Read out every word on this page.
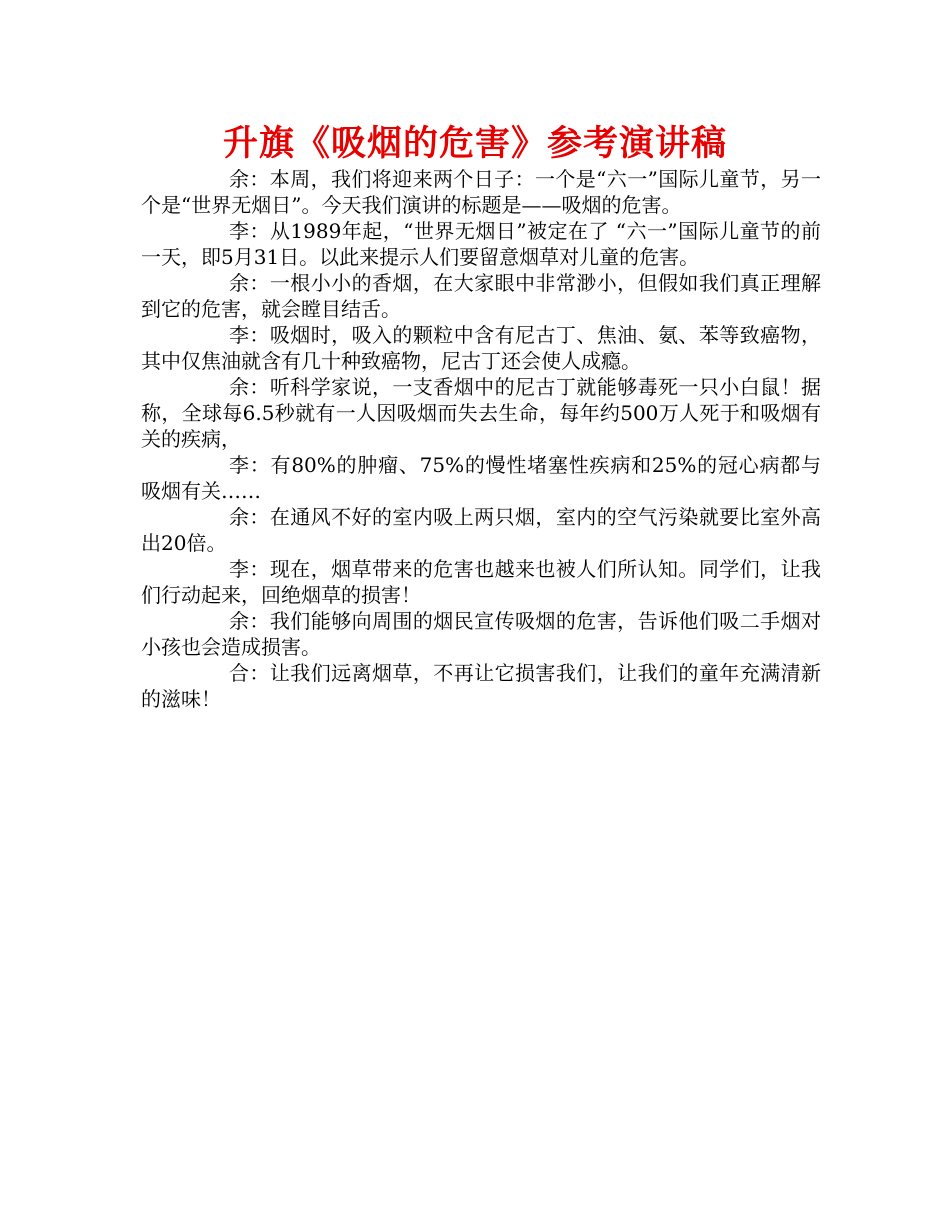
升旗《吸烟的危害》参考演讲稿

余：本周，我们将迎来两个日子：一个是“六一”国际儿童节，另一个是“世界无烟日”。今天我们演讲的标题是——吸烟的危害。

李：从1989年起，“世界无烟日”被定在了 “六一”国际儿童节的前一天，即5月31日。以此来提示人们要留意烟草对儿童的危害。

余：一根小小的香烟，在大家眼中非常渺小，但假如我们真正理解到它的危害，就会瞠目结舌。

李：吸烟时，吸入的颗粒中含有尼古丁、焦油、氨、苯等致癌物，其中仅焦油就含有几十种致癌物，尼古丁还会使人成瘾。

余：听科学家说，一支香烟中的尼古丁就能够毒死一只小白鼠！据称，全球每6.5秒就有一人因吸烟而失去生命，每年约500万人死于和吸烟有关的疾病，

李：有80%的肿瘤、75%的慢性堵塞性疾病和25%的冠心病都与吸烟有关……

余：在通风不好的室内吸上两只烟，室内的空气污染就要比室外高出20倍。

李：现在，烟草带来的危害也越来也被人们所认知。同学们，让我们行动起来，回绝烟草的损害！

余：我们能够向周围的烟民宣传吸烟的危害，告诉他们吸二手烟对小孩也会造成损害。

合：让我们远离烟草，不再让它损害我们，让我们的童年充满清新的滋味！
